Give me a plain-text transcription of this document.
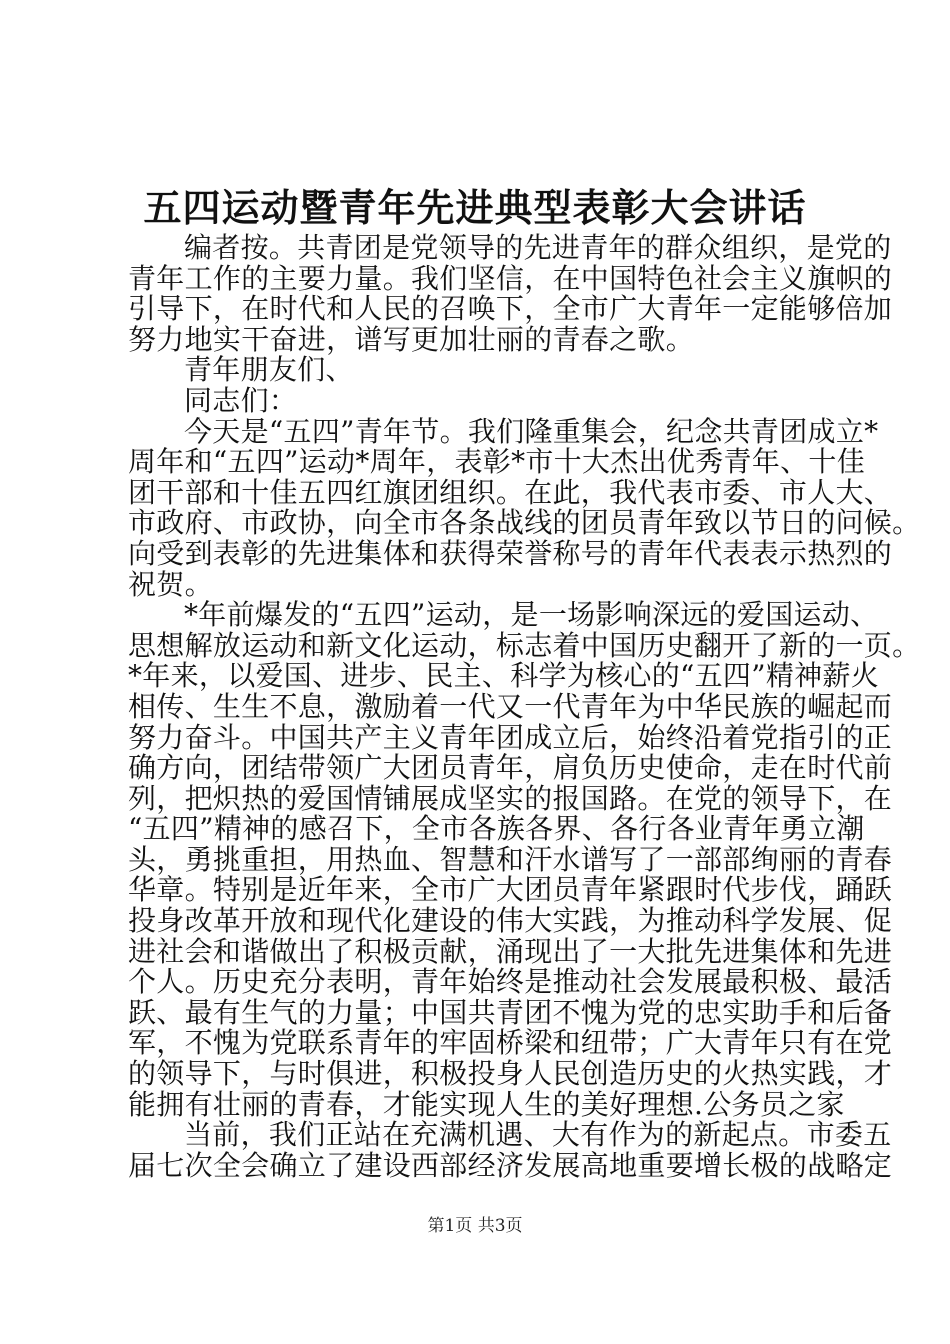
五四运动暨青年先进典型表彰大会讲话
编者按。共青团是党领导的先进青年的群众组织，是党的
青年工作的主要力量。我们坚信，在中国特色社会主义旗帜的
引导下，在时代和人民的召唤下，全市广大青年一定能够倍加
努力地实干奋进，谱写更加壮丽的青春之歌。
青年朋友们、
同志们：
今天是“五四”青年节。我们隆重集会，纪念共青团成立*
周年和“五四”运动*周年，表彰*市十大杰出优秀青年、十佳
团干部和十佳五四红旗团组织。在此，我代表市委、市人大、
市政府、市政协，向全市各条战线的团员青年致以节日的问候。
向受到表彰的先进集体和获得荣誉称号的青年代表表示热烈的
祝贺。
*年前爆发的“五四”运动，是一场影响深远的爱国运动、
思想解放运动和新文化运动，标志着中国历史翻开了新的一页。
*年来，以爱国、进步、民主、科学为核心的“五四”精神薪火
相传、生生不息，激励着一代又一代青年为中华民族的崛起而
努力奋斗。中国共产主义青年团成立后，始终沿着党指引的正
确方向，团结带领广大团员青年，肩负历史使命，走在时代前
列，把炽热的爱国情铺展成坚实的报国路。在党的领导下，在
“五四”精神的感召下，全市各族各界、各行各业青年勇立潮
头，勇挑重担，用热血、智慧和汗水谱写了一部部绚丽的青春
华章。特别是近年来，全市广大团员青年紧跟时代步伐，踊跃
投身改革开放和现代化建设的伟大实践，为推动科学发展、促
进社会和谐做出了积极贡献，涌现出了一大批先进集体和先进
个人。历史充分表明，青年始终是推动社会发展最积极、最活
跃、最有生气的力量；中国共青团不愧为党的忠实助手和后备
军，不愧为党联系青年的牢固桥梁和纽带；广大青年只有在党
的领导下，与时俱进，积极投身人民创造历史的火热实践，才
能拥有壮丽的青春，才能实现人生的美好理想.公务员之家
当前，我们正站在充满机遇、大有作为的新起点。市委五
届七次全会确立了建设西部经济发展高地重要增长极的战略定
第1页 共3页
